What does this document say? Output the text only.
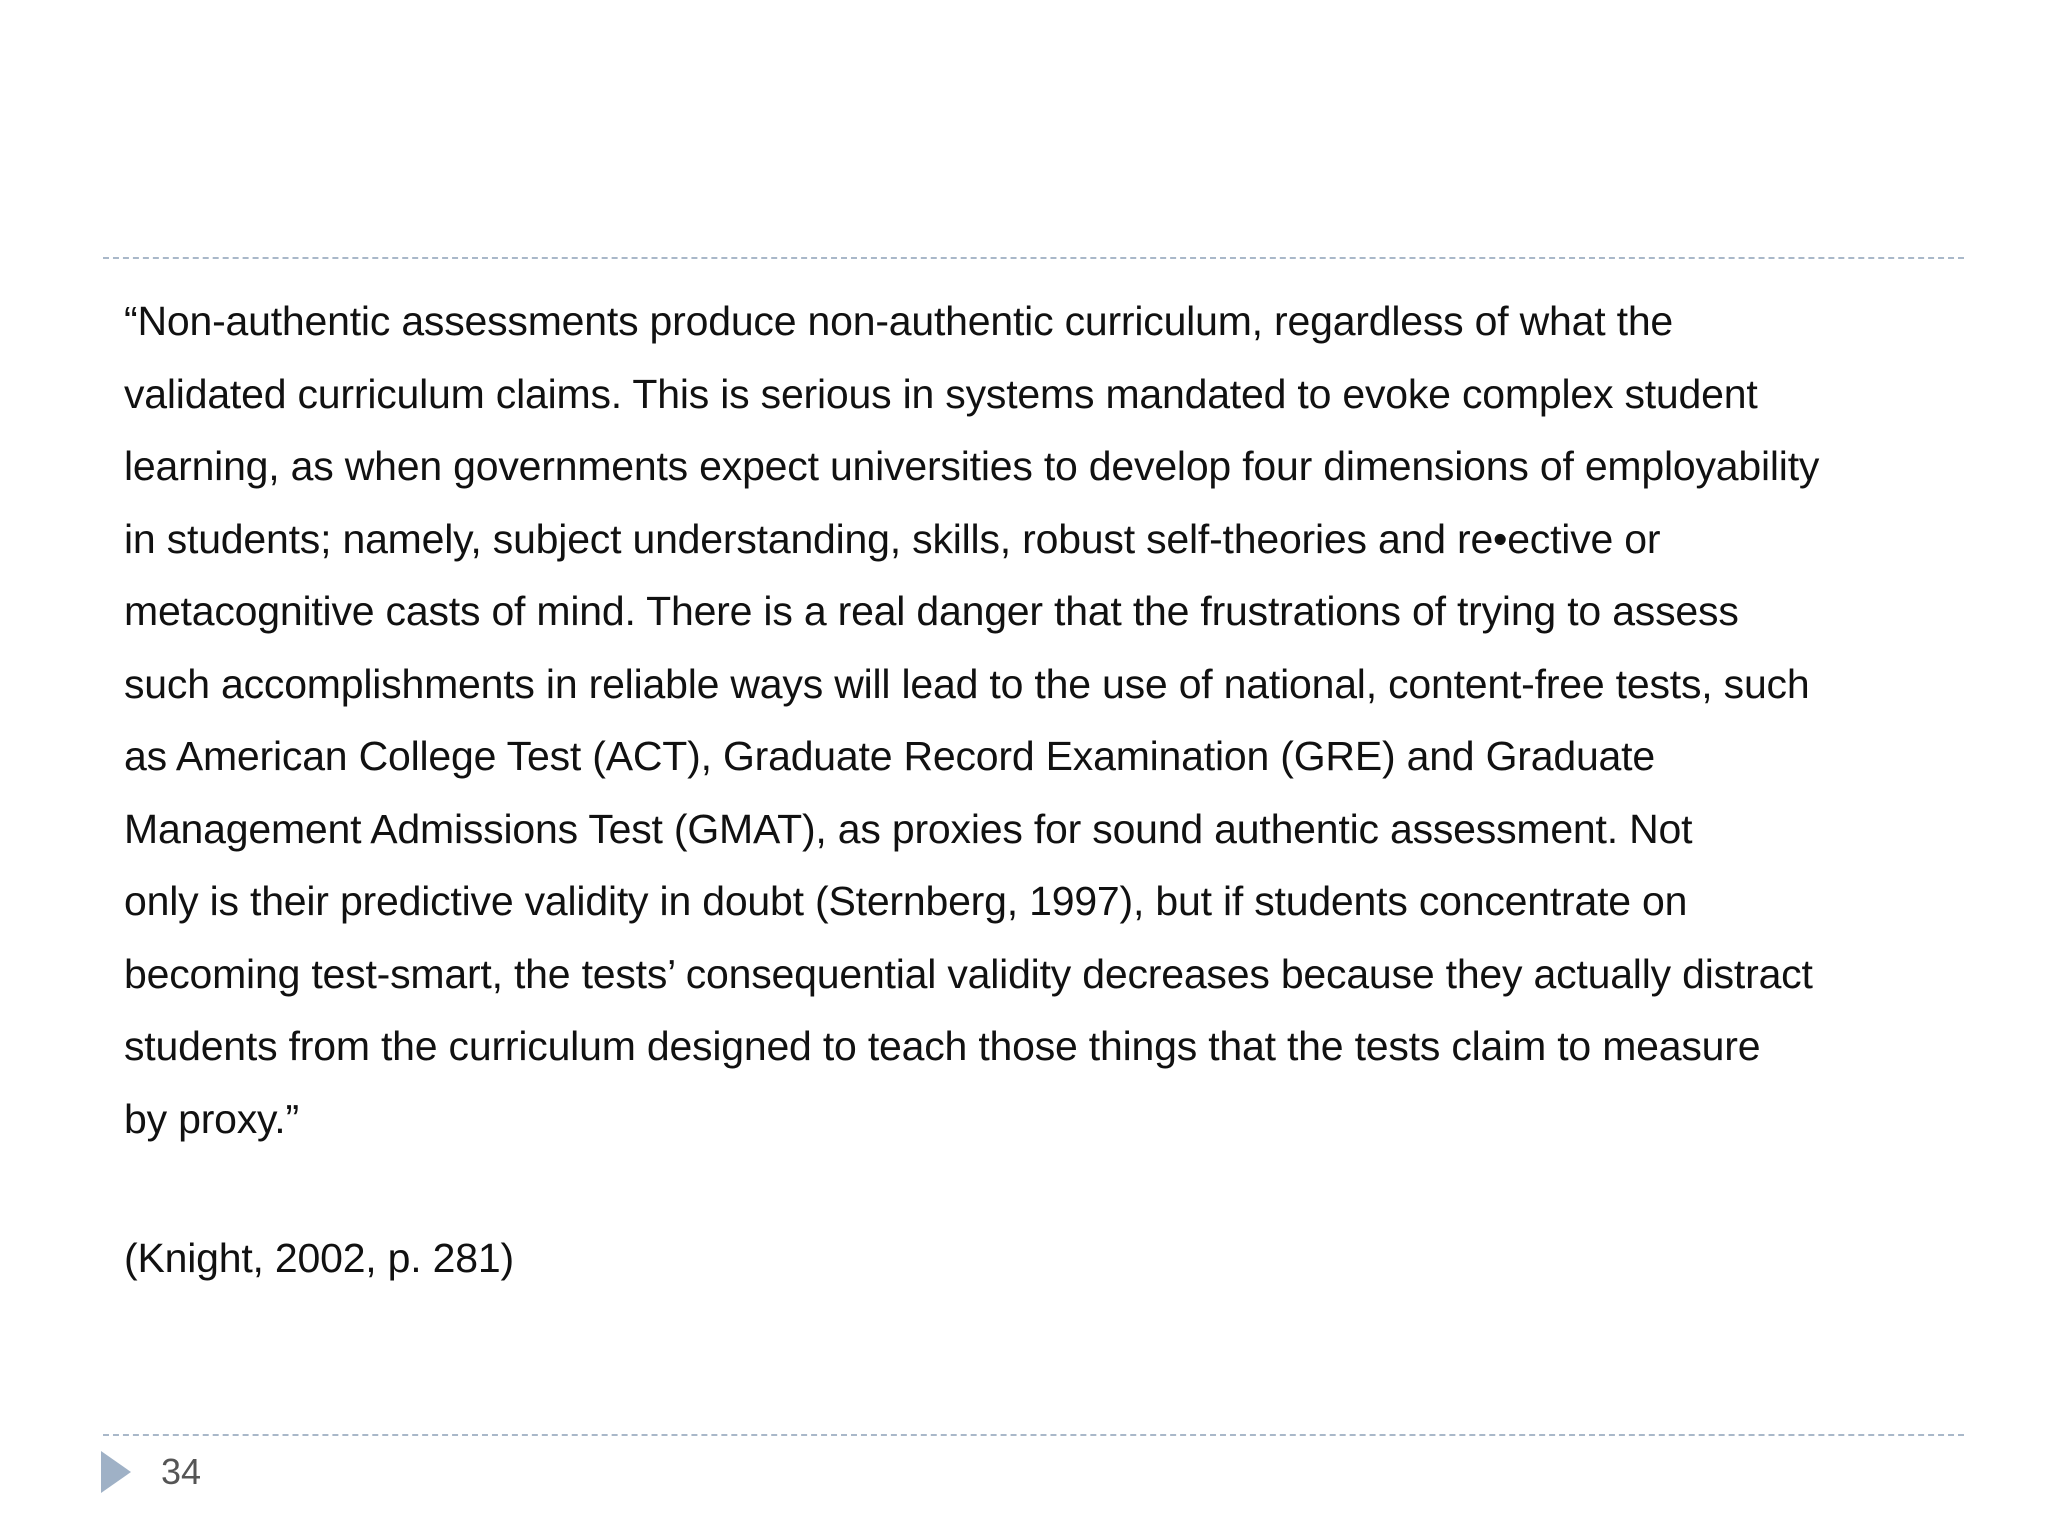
“Non-authentic assessments produce non-authentic curriculum, regardless of what the
validated curriculum claims. This is serious in systems mandated to evoke complex student
learning, as when governments expect universities to develop four dimensions of employability
in students; namely, subject understanding, skills, robust self-theories and re•ective or
metacognitive casts of mind. There is a real danger that the frustrations of trying to assess
such accomplishments in reliable ways will lead to the use of national, content-free tests, such
as American College Test (ACT), Graduate Record Examination (GRE) and Graduate
Management Admissions Test (GMAT), as proxies for sound authentic assessment. Not
only is their predictive validity in doubt (Sternberg, 1997), but if students concentrate on
becoming test-smart, the tests’ consequential validity decreases because they actually distract
students from the curriculum designed to teach those things that the tests claim to measure
by proxy.”

(Knight, 2002, p. 281)

34
